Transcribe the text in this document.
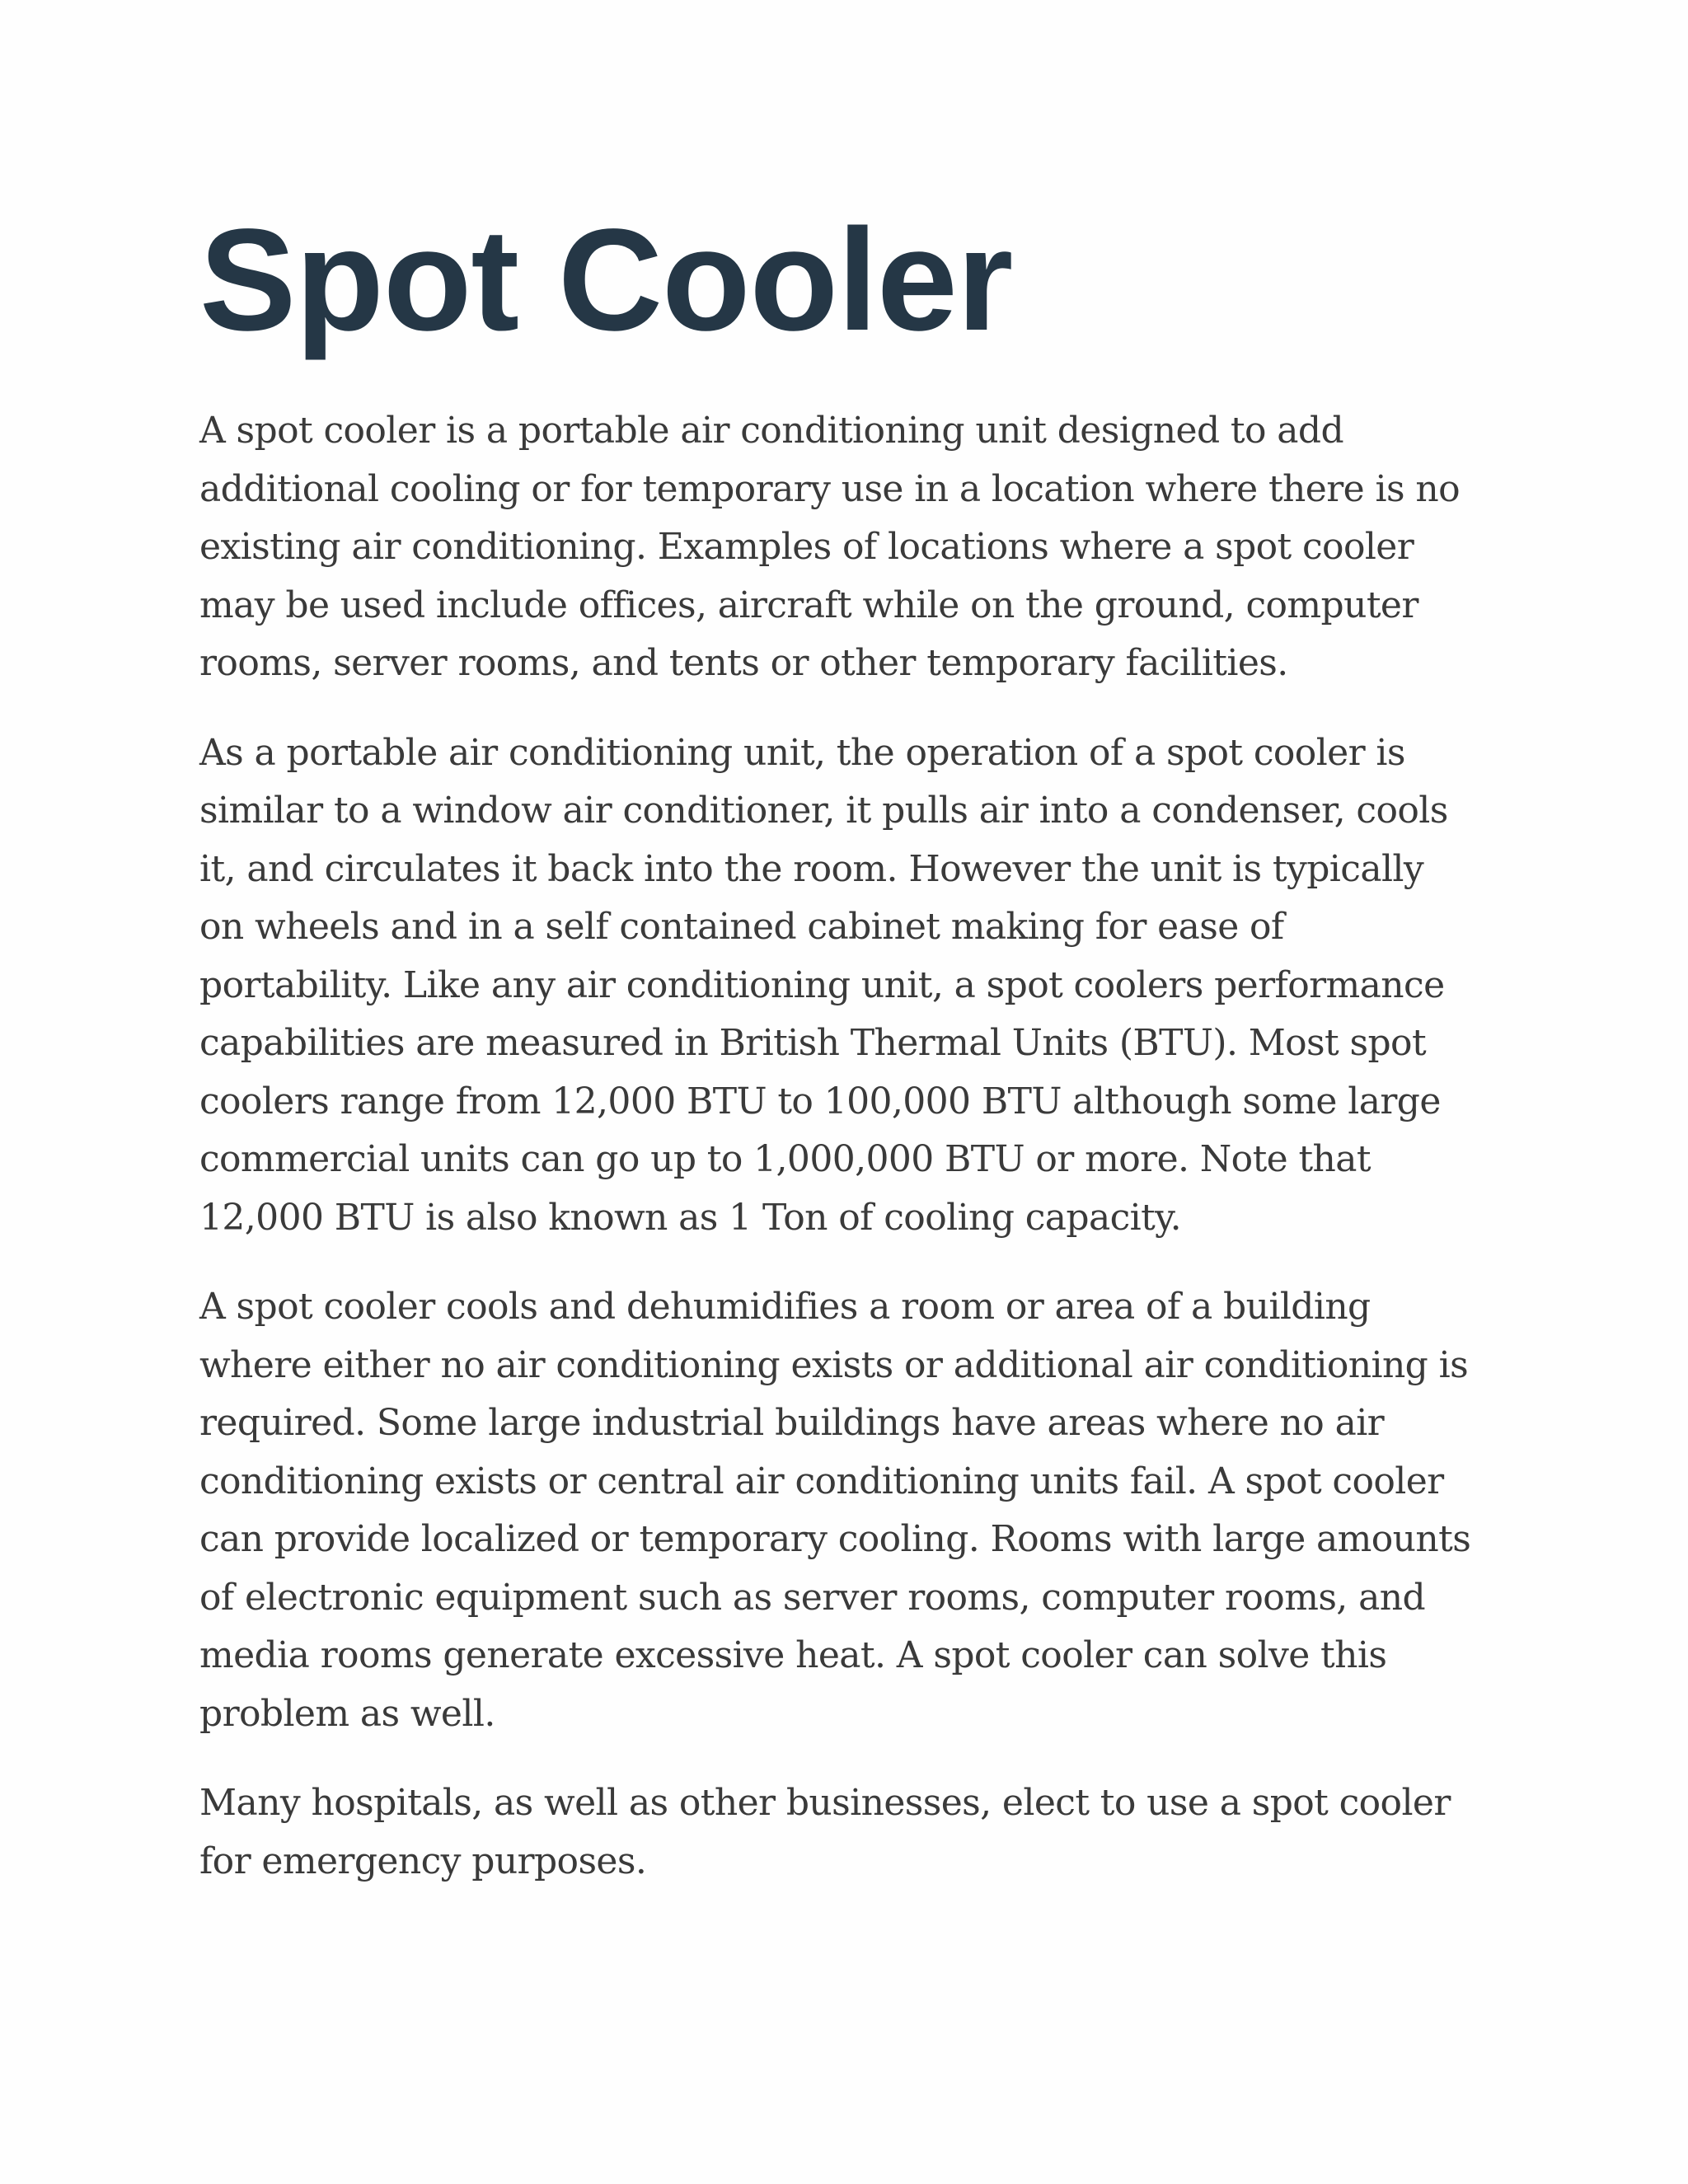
Spot Cooler

A spot cooler is a portable air conditioning unit designed to add
additional cooling or for temporary use in a location where there is no
existing air conditioning. Examples of locations where a spot cooler
may be used include offices, aircraft while on the ground, computer
rooms, server rooms, and tents or other temporary facilities.

As a portable air conditioning unit, the operation of a spot cooler is
similar to a window air conditioner, it pulls air into a condenser, cools
it, and circulates it back into the room. However the unit is typically
on wheels and in a self contained cabinet making for ease of
portability. Like any air conditioning unit, a spot coolers performance
capabilities are measured in British Thermal Units (BTU). Most spot
coolers range from 12,000 BTU to 100,000 BTU although some large
commercial units can go up to 1,000,000 BTU or more. Note that
12,000 BTU is also known as 1 Ton of cooling capacity.

A spot cooler cools and dehumidifies a room or area of a building
where either no air conditioning exists or additional air conditioning is
required. Some large industrial buildings have areas where no air
conditioning exists or central air conditioning units fail. A spot cooler
can provide localized or temporary cooling. Rooms with large amounts
of electronic equipment such as server rooms, computer rooms, and
media rooms generate excessive heat. A spot cooler can solve this
problem as well.

Many hospitals, as well as other businesses, elect to use a spot cooler
for emergency purposes.
